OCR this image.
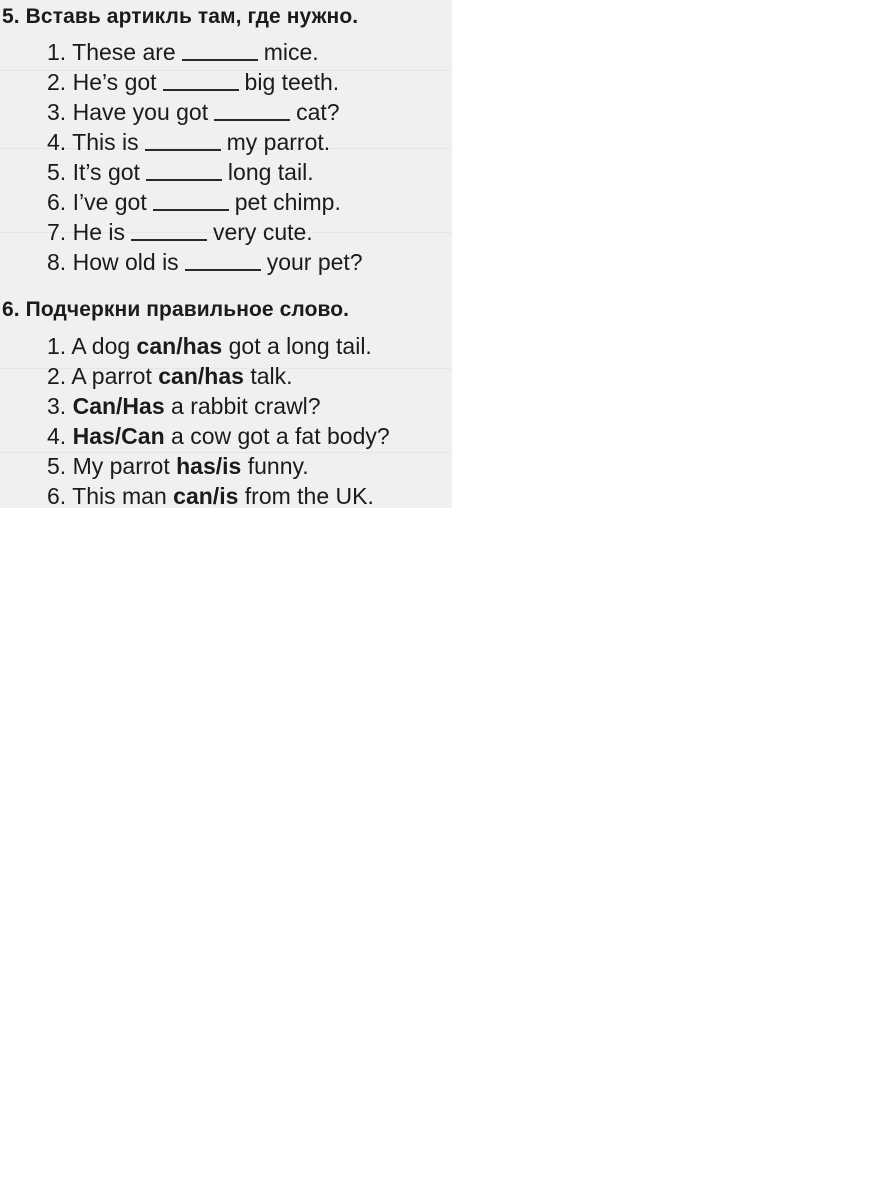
5. Вставь артикль там, где нужно.
1. These are	mice.
2. He’s got	big teeth.
3. Have you got	cat?
4. This is	my parrot.
5. It’s got	long tail.
6. I’ve got	pet chimp.
7. He is	very cute.
8. How old is	your pet?
6. Подчеркни правильное слово.
1. A dog can/has got a long tail.
2. A parrot can/has talk.
3. Can/Has a rabbit crawl?
4. Has/Can a cow got a fat body?
5. My parrot has/is funny.
6. This man can/is from the UK.
